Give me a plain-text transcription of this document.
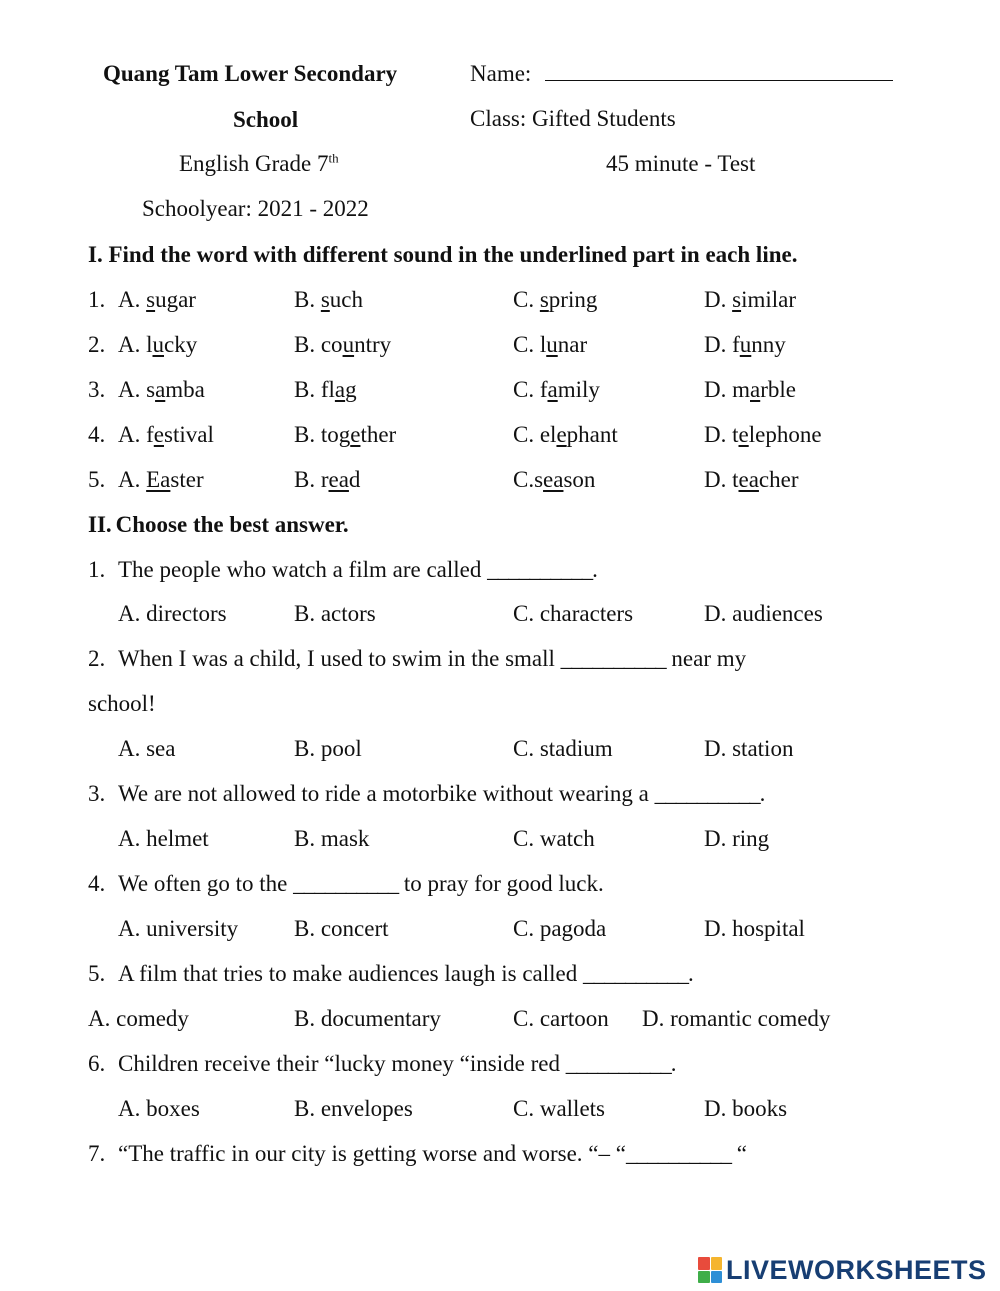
Quang Tam Lower Secondary
School
Name:
Class: Gifted Students
English Grade 7th	45 minute - Test
Schoolyear: 2021 - 2022
I. Find the word with different sound in the underlined part in each line.
1. A. sugar	B. such	C. spring	D. similar
2. A. lucky	B. country	C. lunar	D. funny
3. A. samba	B. flag	C. family	D. marble
4. A. festival	B. together	C. elephant	D. telephone
5. A. Easter	B. read	C.season	D. teacher
II. Choose the best answer.
1. The people who watch a film are called __________.
A. directors	B. actors	C. characters	D. audiences
2. When I was a child, I used to swim in the small __________ near my
school!
A. sea	B. pool	C. stadium	D. station
3. We are not allowed to ride a motorbike without wearing a __________.
A. helmet	B. mask	C. watch	D. ring
4. We often go to the __________ to pray for good luck.
A. university B. concert	C. pagoda	D. hospital
5. A film that tries to make audiences laugh is called __________.
A. comedy	B. documentary	C. cartoon D. romantic comedy
6. Children receive their “lucky money “inside red __________.
A. boxes	B. envelopes	C. wallets	D. books
7. “The traffic in our city is getting worse and worse. “– “__________ “
LIVEWORKSHEETS
